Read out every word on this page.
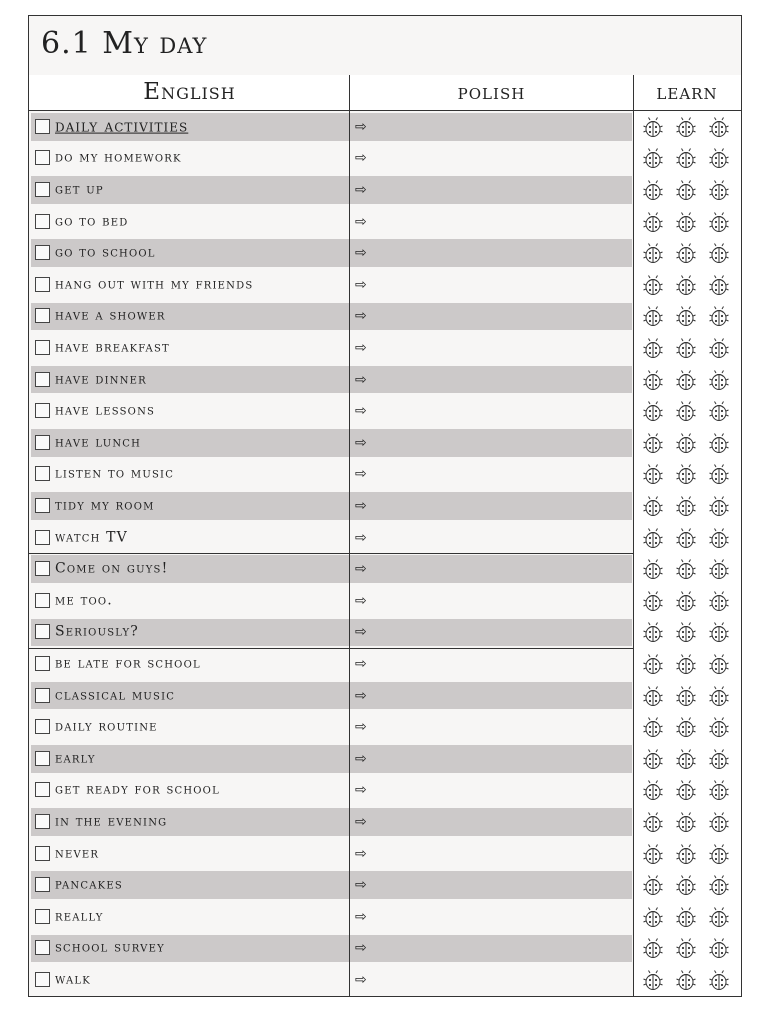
6.1 My day
English	polish	learn
daily activities	⇨
do my homework	⇨
get up	⇨
go to bed	⇨
go to school	⇨
hang out with my friends	⇨
have a shower	⇨
have breakfast	⇨
have dinner	⇨
have lessons	⇨
have lunch	⇨
listen to music	⇨
tidy my room	⇨
watch TV	⇨
Come on guys!	⇨
me too.	⇨
Seriously?	⇨
be late for school	⇨
classical music	⇨
daily routine	⇨
early	⇨
get ready for school	⇨
in the evening	⇨
never	⇨
pancakes	⇨
really	⇨
school survey	⇨
walk	⇨
